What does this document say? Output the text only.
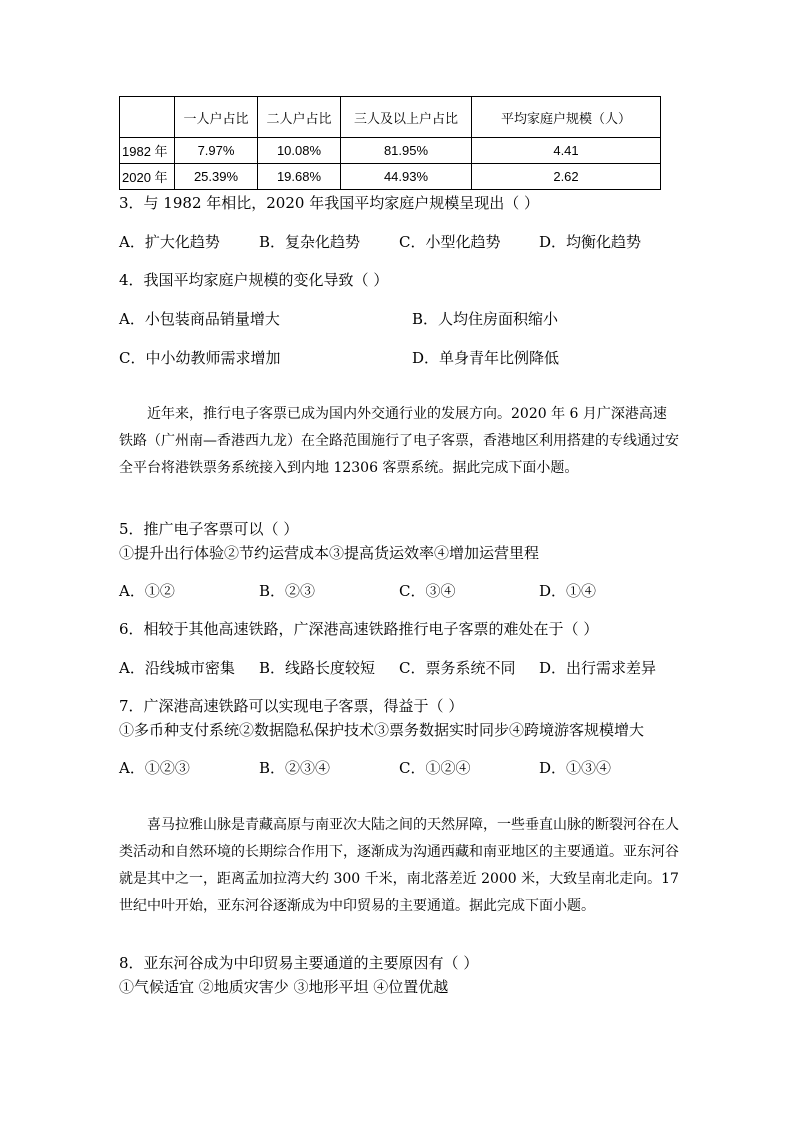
	一人户占比	二人户占比	三人及以上户占比	平均家庭户规模（人）
1982 年	7.97%	10.08%	81.95%	4.41
2020 年	25.39%	19.68%	44.93%	2.62
3．与 1982 年相比，2020 年我国平均家庭户规模呈现出（ ）
A．扩大化趋势	B．复杂化趋势	C．小型化趋势	D．均衡化趋势
4．我国平均家庭户规模的变化导致（ ）
A．小包装商品销量增大	B．人均住房面积缩小
C．中小幼教师需求增加	D．单身青年比例降低
近年来，推行电子客票已成为国内外交通行业的发展方向。2020 年 6 月广深港高速铁路（广州南—香港西九龙）在全路范围施行了电子客票，香港地区利用搭建的专线通过安全平台将港铁票务系统接入到内地 12306 客票系统。据此完成下面小题。
5．推广电子客票可以（ ）
①提升出行体验②节约运营成本③提高货运效率④增加运营里程
A．①②	B．②③	C．③④	D．①④
6．相较于其他高速铁路，广深港高速铁路推行电子客票的难处在于（ ）
A．沿线城市密集 B．线路长度较短 C．票务系统不同 D．出行需求差异
7．广深港高速铁路可以实现电子客票，得益于（ ）
①多币种支付系统②数据隐私保护技术③票务数据实时同步④跨境游客规模增大
A．①②③	B．②③④	C．①②④	D．①③④
喜马拉雅山脉是青藏高原与南亚次大陆之间的天然屏障，一些垂直山脉的断裂河谷在人类活动和自然环境的长期综合作用下，逐渐成为沟通西藏和南亚地区的主要通道。亚东河谷就是其中之一，距离孟加拉湾大约 300 千米，南北落差近 2000 米，大致呈南北走向。17 世纪中叶开始，亚东河谷逐渐成为中印贸易的主要通道。据此完成下面小题。
8．亚东河谷成为中印贸易主要通道的主要原因有（ ）
①气候适宜 ②地质灾害少 ③地形平坦 ④位置优越
